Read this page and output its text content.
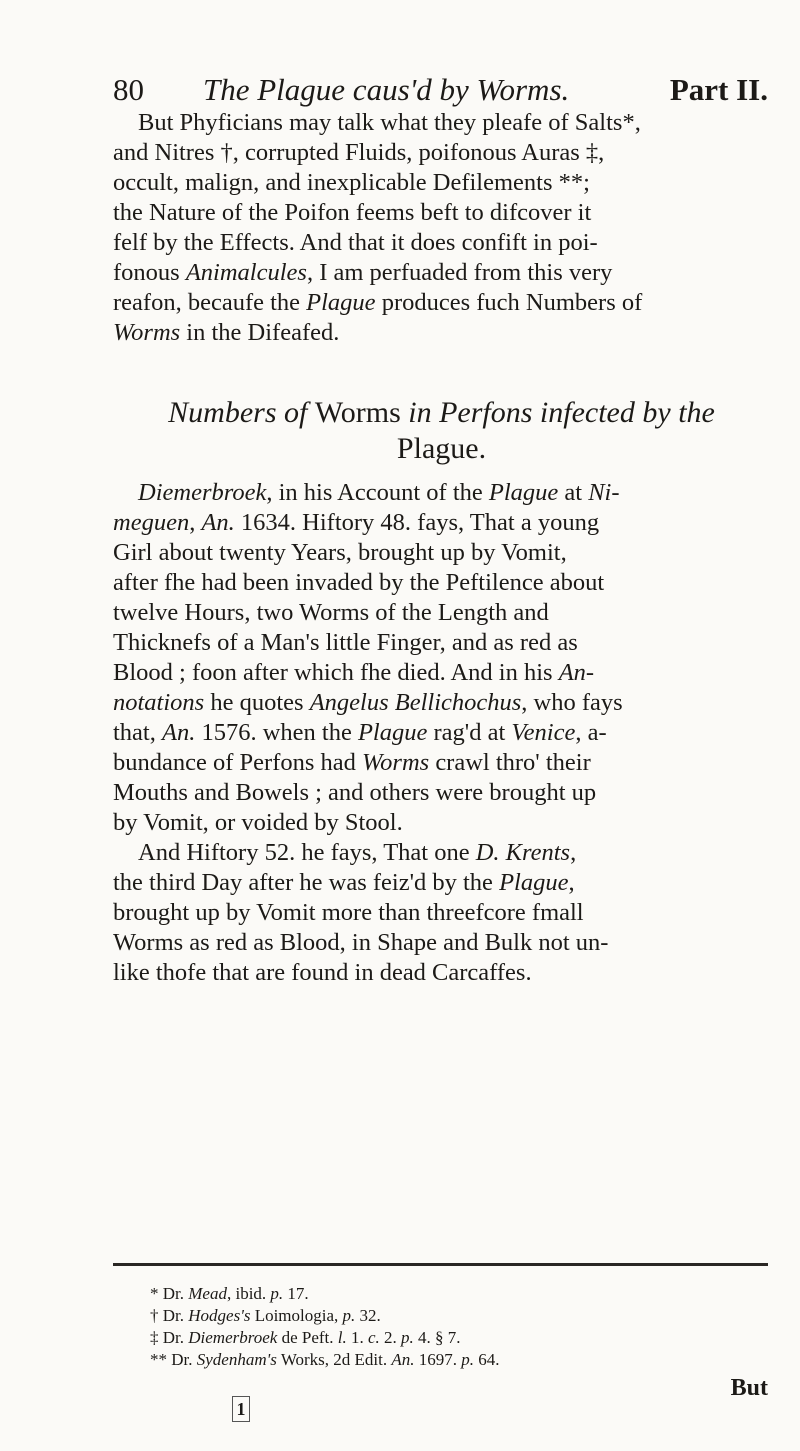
80 The Plague caus'd by Worms.	Part II.

But Phyficians may talk what they pleafe of Salts*,
and Nitres †, corrupted Fluids, poifonous Auras ‡,
occult, malign, and inexplicable Defilements **;
the Nature of the Poifon feems beft to difcover it
felf by the Effects. And that it does confift in poi-
fonous Animalcules, I am perfuaded from this very
reafon, becaufe the Plague produces fuch Numbers of
Worms in the Difeafed.

Numbers of Worms in Perfons infected by the
Plague.

Diemerbroek, in his Account of the Plague at Ni-
meguen, An. 1634. Hiftory 48. fays, That a young
Girl about twenty Years, brought up by Vomit,
after fhe had been invaded by the Peftilence about
twelve Hours, two Worms of the Length and
Thicknefs of a Man's little Finger, and as red as
Blood ; foon after which fhe died. And in his An-
notations he quotes Angelus Bellichochus, who fays
that, An. 1576. when the Plague rag'd at Venice, a-
bundance of Perfons had Worms crawl thro' their
Mouths and Bowels ; and others were brought up
by Vomit, or voided by Stool.

And Hiftory 52. he fays, That one D. Krents,
the third Day after he was feiz'd by the Plague,
brought up by Vomit more than threefcore fmall
Worms as red as Blood, in Shape and Bulk not un-
like thofe that are found in dead Carcaffes.

* Dr. Mead, ibid. p. 17.
† Dr. Hodges's Loimologia, p. 32.
‡ Dr. Diemerbroek de Peft. l. 1. c. 2. p. 4. § 7.
** Dr. Sydenham's Works, 2d Edit. An. 1697. p. 64.
But
1
